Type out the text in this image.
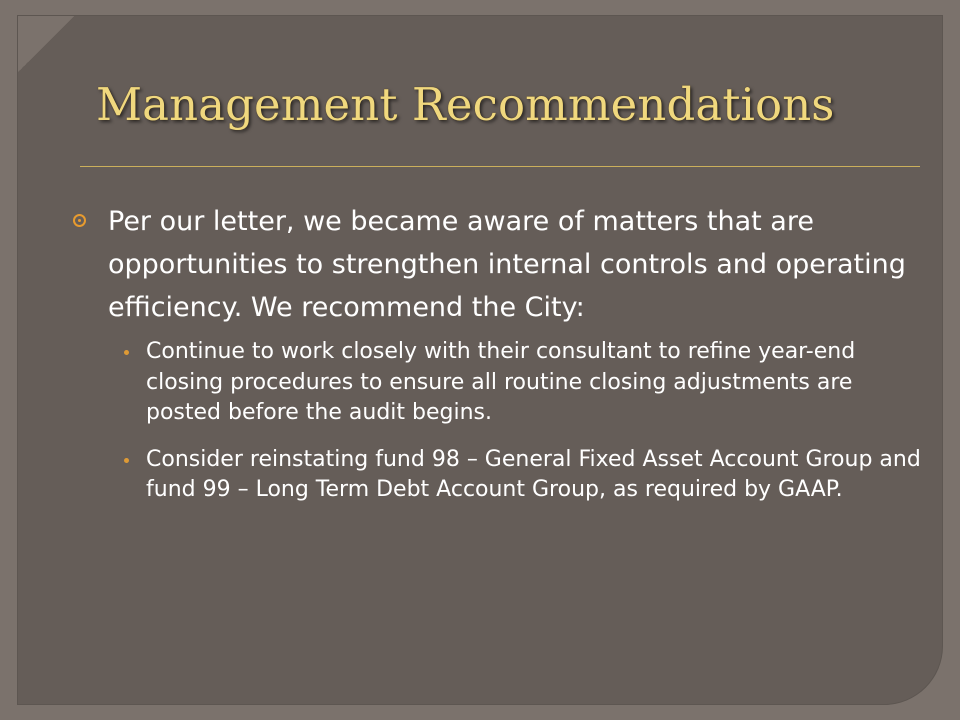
Management Recommendations

Per our letter, we became aware of matters that are opportunities to strengthen internal controls and operating efficiency. We recommend the City:

Continue to work closely with their consultant to refine year-end closing procedures to ensure all routine closing adjustments are posted before the audit begins.
Consider reinstating fund 98 – General Fixed Asset Account Group and fund 99 – Long Term Debt Account Group, as required by GAAP.
